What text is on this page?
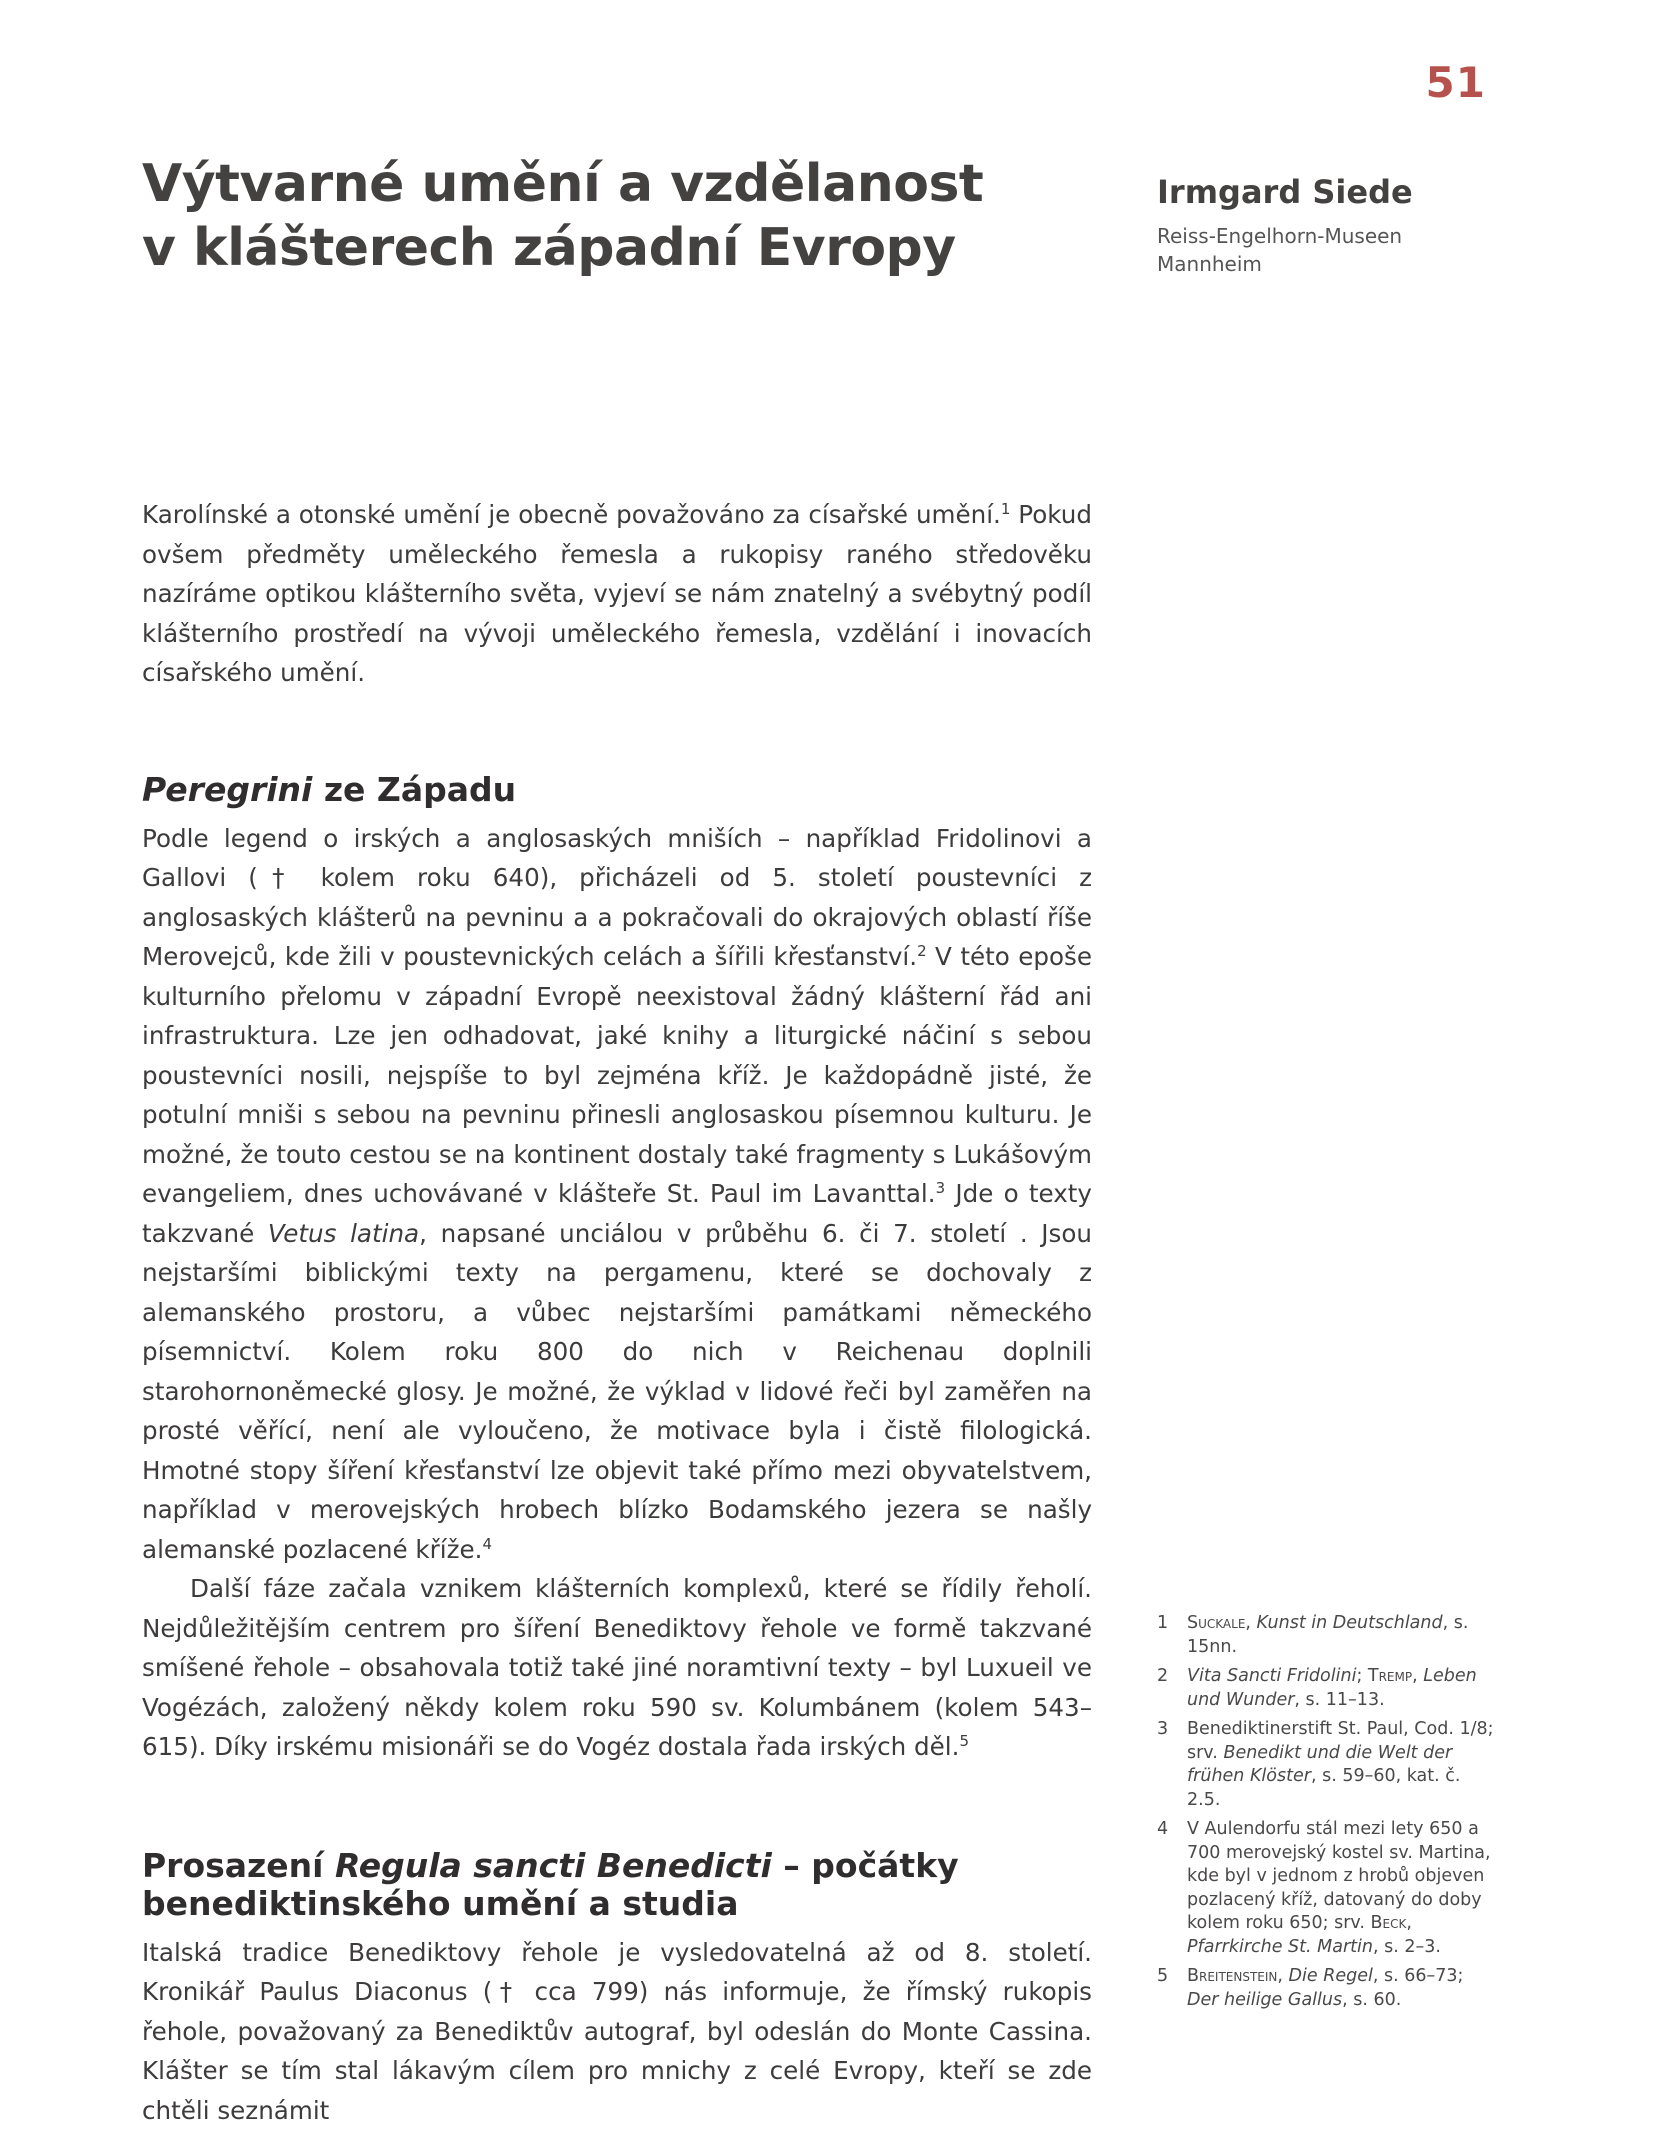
51
Výtvarné umění a vzdělanost
v klášterech západní Evropy

Irmgard Siede

Reiss-Engelhorn-Museen
Mannheim

Karolínské a otonské umění je obecně považováno za císařské umění.$^1$ Pokud ovšem předměty uměleckého řemesla a rukopisy raného středověku nazíráme optikou klášterního světa, vyjeví se nám znatelný a svébytný podíl klášterního prostředí na vývoji uměleckého řemesla, vzdělání i inovacích císařského umění.

Peregrini ze Západu

Podle legend o irských a anglosaských mniších – například Fridolinovi a Gallovi († kolem roku 640), přicházeli od 5. století poustevníci z anglosaských klášterů na pevninu a a pokračovali do okrajových oblastí říše Merovejců, kde žili v poustevnických celách a šířili křesťanství.$^2$ V této epoše kulturního přelomu v západní Evropě neexistoval žádný klášterní řád ani infrastruktura. Lze jen odhadovat, jaké knihy a liturgické náčiní s sebou poustevníci nosili, nejspíše to byl zejména kříž. Je každopádně jisté, že potulní mniši s sebou na pevninu přinesli anglosaskou písemnou kulturu. Je možné, že touto cestou se na kontinent dostaly také fragmenty s Lukášovým evangeliem, dnes uchovávané v klášteře St. Paul im Lavanttal.$^3$ Jde o texty takzvané Vetus latina, napsané unciálou v průběhu 6. či 7. století . Jsou nejstaršími biblickými texty na pergamenu, které se dochovaly z alemanského prostoru, a vůbec nejstaršími památkami německého písemnictví. Kolem roku 800 do nich v Reichenau doplnili starohornoněmecké glosy. Je možné, že výklad v lidové řeči byl zaměřen na prosté věřící, není ale vyloučeno, že motivace byla i čistě filologická. Hmotné stopy šíření křesťanství lze objevit také přímo mezi obyvatelstvem, například v merovejských hrobech blízko Bodamského jezera se našly alemanské pozlacené kříže.$^4$

Další fáze začala vznikem klášterních komplexů, které se řídily řeholí. Nejdůležitějším centrem pro šíření Benediktovy řehole ve formě takzvané smíšené řehole – obsahovala totiž také jiné noramtivní texty – byl Luxueil ve Vogézách, založený někdy kolem roku 590 sv. Kolumbánem (kolem 543–615). Díky irskému misionáři se do Vogéz dostala řada irských děl.$^5$

Prosazení Regula sancti Benedicti – počátky
benediktinského umění a studia

Italská tradice Benediktovy řehole je vysledovatelná až od 8. století. Kronikář Paulus Diaconus († cca 799) nás informuje, že římský rukopis řehole, považovaný za Benediktův autograf, byl odeslán do Monte Cassina. Klášter se tím stal lákavým cílem pro mnichy z celé Evropy, kteří se zde chtěli seznámit

1	Suckale, Kunst in Deutschland, s. 15nn.
2	Vita Sancti Fridolini; Tremp, Leben und Wunder, s. 11–13.
3	Benediktinerstift St. Paul, Cod. 1/8; srv. Benedikt und die Welt der frühen Klöster, s. 59–60, kat. č. 2.5.
4	V Aulendorfu stál mezi lety 650 a 700 merovejský kostel sv. Martina, kde byl v jednom z hrobů objeven pozlacený kříž, datovaný do doby kolem roku 650; srv. Beck, Pfarrkirche St. Martin, s. 2–3.
5	Breitenstein, Die Regel, s. 66–73; Der heilige Gallus, s. 60.
